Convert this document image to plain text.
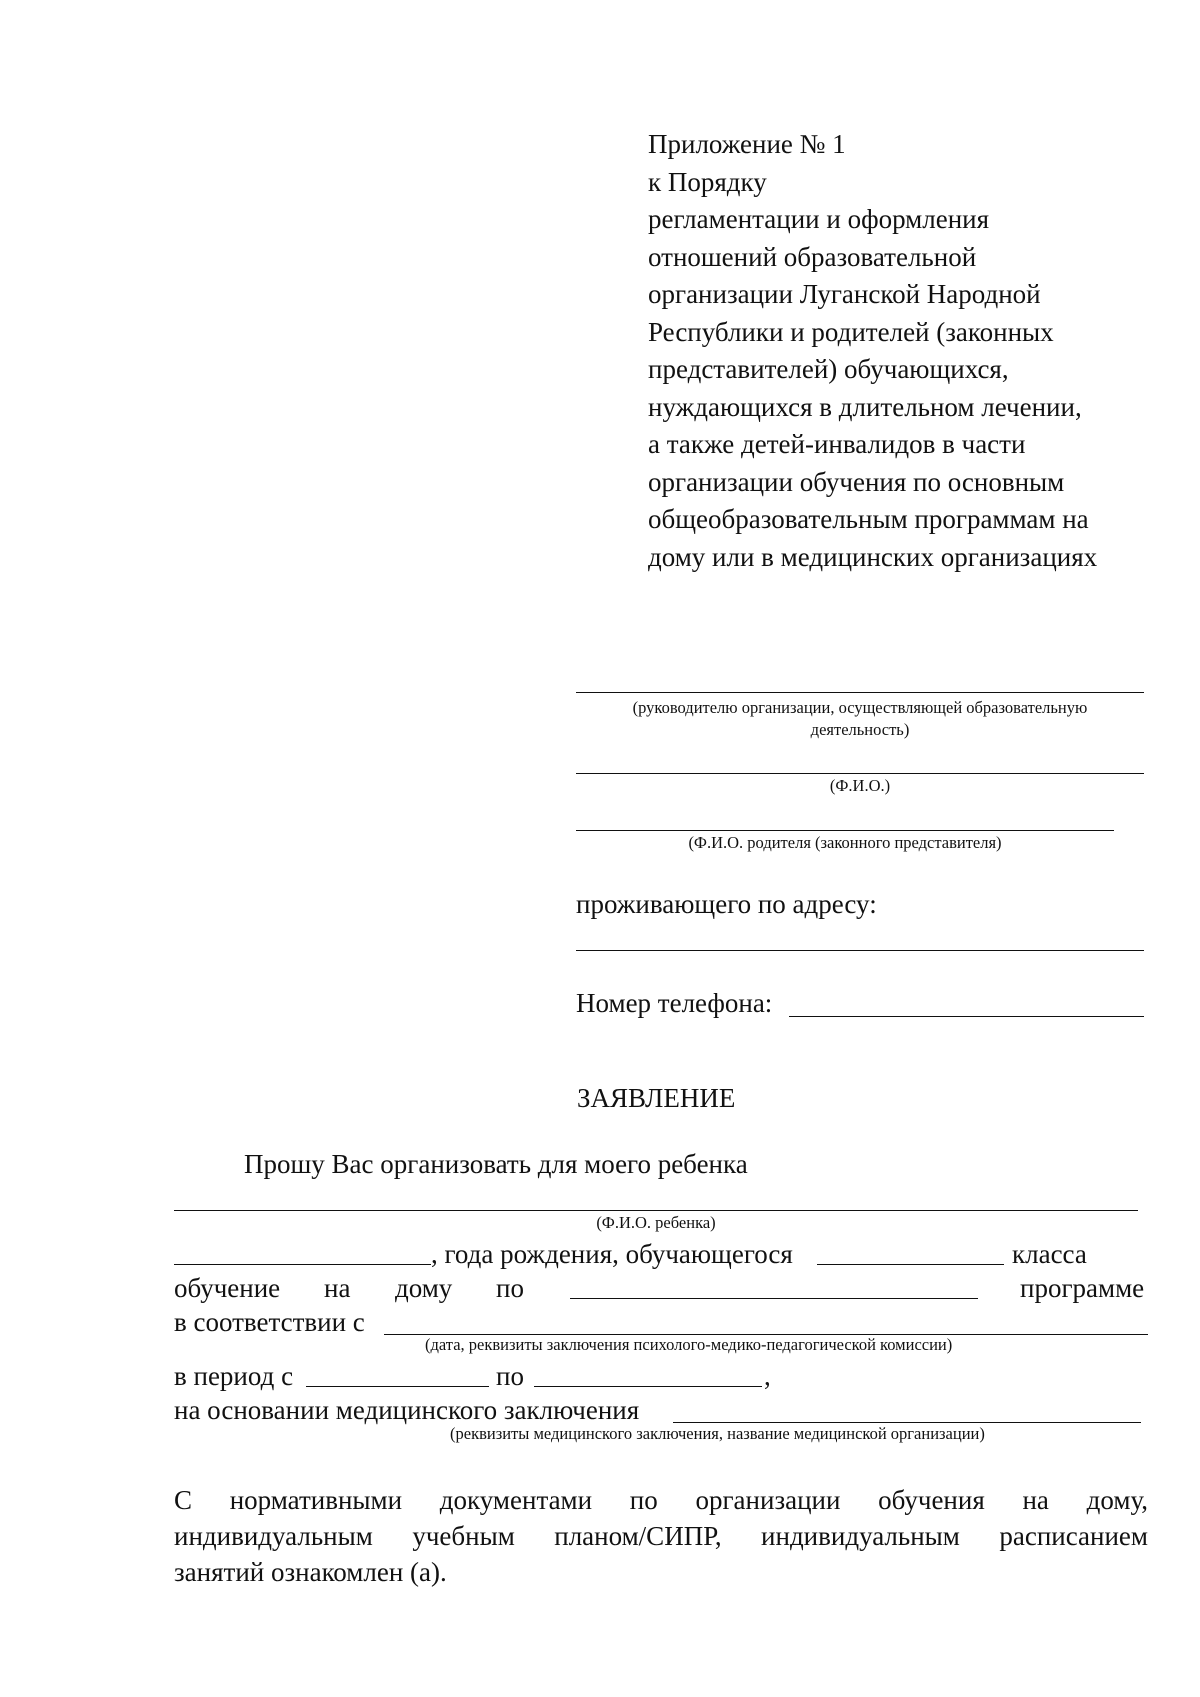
Приложение № 1
к Порядку
регламентации и оформления
отношений образовательной
организации Луганской Народной
Республики и родителей (законных
представителей) обучающихся,
нуждающихся в длительном лечении,
а также детей-инвалидов в части
организации обучения по основным
общеобразовательным программам на
дому или в медицинских организациях
(руководителю организации, осуществляющей образовательную
деятельность)
(Ф.И.О.)
(Ф.И.О. родителя (законного представителя)
проживающего по адресу:
Номер телефона:
ЗАЯВЛЕНИЕ
Прошу Вас организовать для моего ребенка
(Ф.И.О. ребенка)
, года рождения, обучающегося	класса
обучение на дому по	программе
в соответствии с
(дата, реквизиты заключения психолого-медико-педагогической комиссии)
в период с	по	,
на основании медицинского заключения
(реквизиты медицинского заключения, название медицинской организации)
С нормативными документами по организации обучения на дому,
индивидуальным учебным планом/СИПР, индивидуальным расписанием
занятий ознакомлен (а).
